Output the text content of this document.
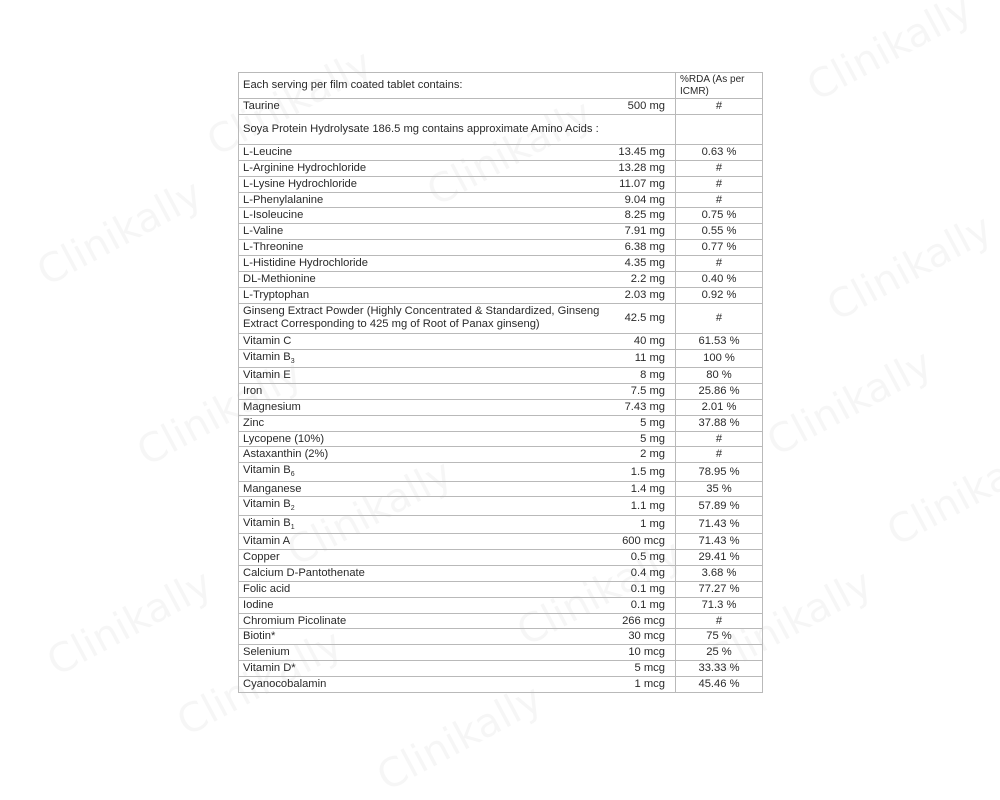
Each serving per film coated tablet contains:	%RDA (As per ICMR)

Taurine 500 mg	#

Soya Protein Hydrolysate 186.5 mg contains approximate Amino Acids :	

L-Leucine 13.45 mg	0.63 %

L-Arginine Hydrochloride 13.28 mg	#

L-Lysine Hydrochloride 11.07 mg	#

L-Phenylalanine 9.04 mg	#

L-Isoleucine 8.25 mg	0.75 %

L-Valine 7.91 mg	0.55 %

L-Threonine 6.38 mg	0.77 %

L-Histidine Hydrochloride 4.35 mg	#

DL-Methionine 2.2 mg	0.40 %

L-Tryptophan 2.03 mg	0.92 %

Ginseng Extract Powder (Highly Concentrated & Standardized, Ginseng Extract Corresponding to 425 mg of Root of Panax ginseng)
42.5 mg	#

Vitamin C 40 mg	61.53 %

Vitamin $B_3$ 11 mg	100 %

Vitamin E 8 mg	80 %

Iron 7.5 mg	25.86 %

Magnesium 7.43 mg	2.01 %

Zinc 5 mg	37.88 %

Lycopene (10%) 5 mg	#

Astaxanthin (2%) 2 mg	#

Vitamin $B_6$ 1.5 mg	78.95 %

Manganese 1.4 mg	35 %

Vitamin $B_2$ 1.1 mg	57.89 %

Vitamin $B_1$ 1 mg	71.43 %

Vitamin A 600 mcg	71.43 %

Copper 0.5 mg	29.41 %

Calcium D-Pantothenate 0.4 mg	3.68 %

Folic acid 0.1 mg	77.27 %

Iodine 0.1 mg	71.3 %

Chromium Picolinate 266 mcg	#

Biotin* 30 mcg	75 %

Selenium 10 mcg	25 %

Vitamin D* 5 mcg	33.33 %

Cyanocobalamin 1 mcg	45.46 %
